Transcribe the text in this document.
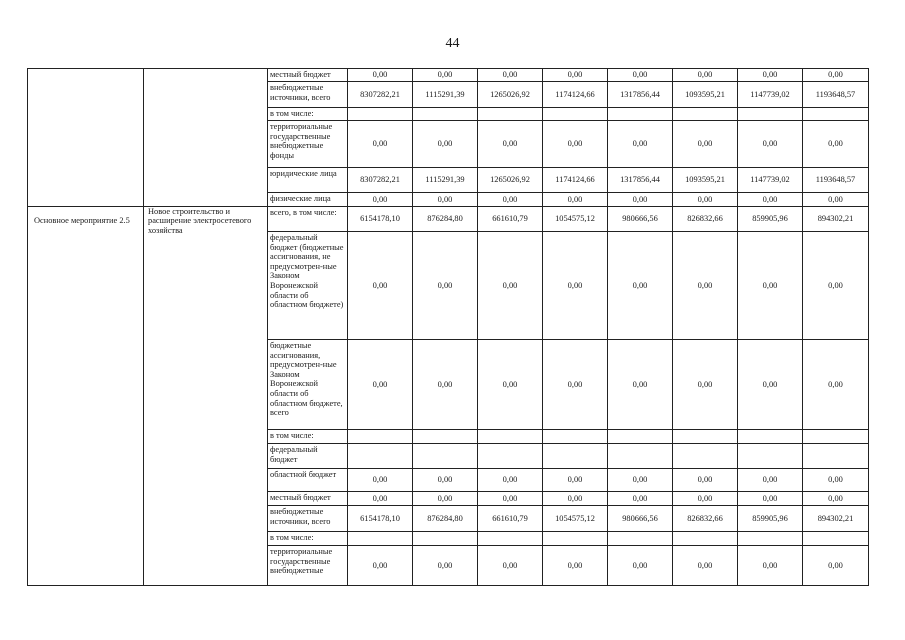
44
		местный бюджет	0,00	0,00	0,00	0,00	0,00	0,00	0,00	0,00
		внебюджетные источники, всего	8307282,21	1115291,39	1265026,92	1174124,66	1317856,44	1093595,21	1147739,02	1193648,57
		в том числе:								
		территориальные государственные внебюджетные фонды	0,00	0,00	0,00	0,00	0,00	0,00	0,00	0,00
		юридические лица	8307282,21	1115291,39	1265026,92	1174124,66	1317856,44	1093595,21	1147739,02	1193648,57
		физические лица	0,00	0,00	0,00	0,00	0,00	0,00	0,00	0,00

Основное мероприятие 2.5	Новое строительство и расширение электросетевого хозяйства	всего, в том числе:	6154178,10	876284,80	661610,79	1054575,12	980666,56	826832,66	859905,96	894302,21
		федеральный бюджет (бюджетные ассигнования, не предусмотрен-ные Законом Воронежской области об областном бюджете)	0,00	0,00	0,00	0,00	0,00	0,00	0,00	0,00
		бюджетные ассигнования, предусмотрен-ные Законом Воронежской области об областном бюджете, всего	0,00	0,00	0,00	0,00	0,00	0,00	0,00	0,00
		в том числе:								
		федеральный бюджет								
		областной бюджет	0,00	0,00	0,00	0,00	0,00	0,00	0,00	0,00
		местный бюджет	0,00	0,00	0,00	0,00	0,00	0,00	0,00	0,00
		внебюджетные источники, всего	6154178,10	876284,80	661610,79	1054575,12	980666,56	826832,66	859905,96	894302,21
		в том числе:								
		территориальные государственные внебюджетные	0,00	0,00	0,00	0,00	0,00	0,00	0,00	0,00
